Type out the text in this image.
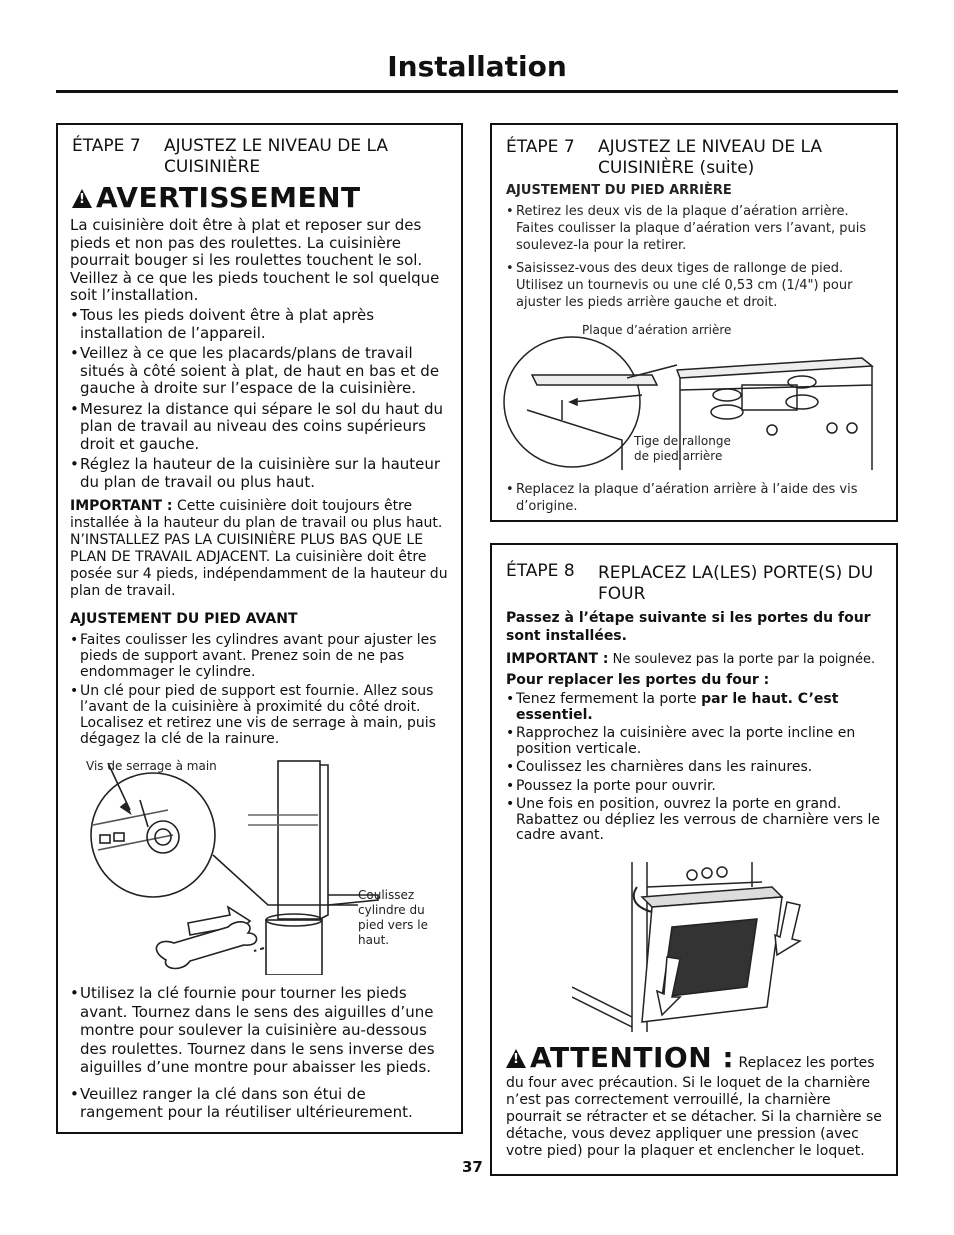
Installation
ÉTAPE 7 AJUSTEZ LE NIVEAU DE LA CUISINIÈRE
!AVERTISSEMENT
La cuisinière doit être à plat et reposer sur des pieds et non pas des roulettes. La cuisinière pourrait bouger si les roulettes touchent le sol. Veillez à ce que les pieds touchent le sol quelque soit l’installation.
• Tous les pieds doivent être à plat après installation de l’appareil.
• Veillez à ce que les placards/plans de travail situés à côté soient à plat, de haut en bas et de gauche à droite sur l’espace de la cuisinière.
• Mesurez la distance qui sépare le sol du haut du plan de travail au niveau des coins supérieurs droit et gauche.
• Réglez la hauteur de la cuisinière sur la hauteur du plan de travail ou plus haut.
IMPORTANT : Cette cuisinière doit toujours être installée à la hauteur du plan de travail ou plus haut. N’INSTALLEZ PAS LA CUISINIÈRE PLUS BAS QUE LE PLAN DE TRAVAIL ADJACENT. La cuisinière doit être posée sur 4 pieds, indépendamment de la hauteur du plan de travail.
AJUSTEMENT DU PIED AVANT
• Faites coulisser les cylindres avant pour ajuster les pieds de support avant. Prenez soin de ne pas endommager le cylindre.
• Un clé pour pied de support est fournie. Allez sous l’avant de la cuisinière à proximité du côté droit. Localisez et retirez une vis de serrage à main, puis dégagez la clé de la rainure.
Vis de serrage à main
Coulissez cylindre du pied vers le haut.
• Utilisez la clé fournie pour tourner les pieds avant. Tournez dans le sens des aiguilles d’une montre pour soulever la cuisinière au-dessous des roulettes. Tournez dans le sens inverse des aiguilles d’une montre pour abaisser les pieds.
• Veuillez ranger la clé dans son étui de rangement pour la réutiliser ultérieurement.
ÉTAPE 7 AJUSTEZ LE NIVEAU DE LA CUISINIÈRE (suite)
AJUSTEMENT DU PIED ARRIÈRE
• Retirez les deux vis de la plaque d’aération arrière. Faites coulisser la plaque d’aération vers l’avant, puis soulevez-la pour la retirer.
• Saisissez-vous des deux tiges de rallonge de pied. Utilisez un tournevis ou une clé 0,53 cm (1/4") pour ajuster les pieds arrière gauche et droit.
Plaque d’aération arrière
Tige de rallonge de pied arrière
• Replacez la plaque d’aération arrière à l’aide des vis d’origine.
ÉTAPE 8 REPLACEZ LA(LES) PORTE(S) DU FOUR
Passez à l’étape suivante si les portes du four sont installées.
IMPORTANT : Ne soulevez pas la porte par la poignée.
Pour replacer les portes du four :
• Tenez fermement la porte par le haut. C’est essentiel.
• Rapprochez la cuisinière avec la porte incline en position verticale.
• Coulissez les charnières dans les rainures.
• Poussez la porte pour ouvrir.
• Une fois en position, ouvrez la porte en grand. Rabattez ou dépliez les verrous de charnière vers le cadre avant.
!ATTENTION : Replacez les portes
du four avec précaution. Si le loquet de la charnière n’est pas correctement verrouillé, la charnière pourrait se rétracter et se détacher. Si la charnière se détache, vous devez appliquer une pression (avec votre pied) pour la plaquer et enclencher le loquet.
37
